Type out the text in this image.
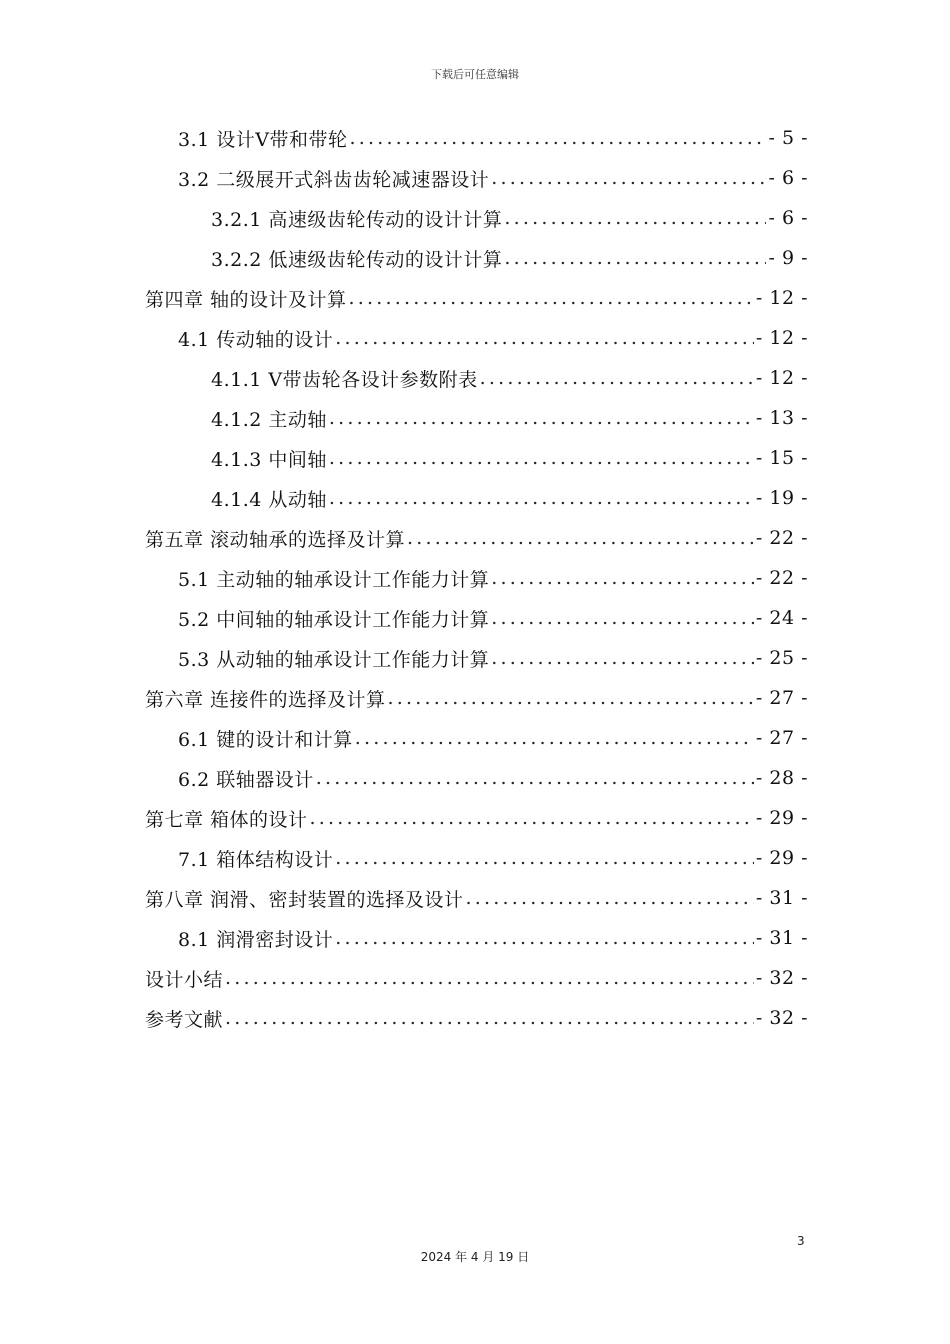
下载后可任意编辑
3.1 设计V带和带轮 .....	- 5 -
3.2 二级展开式斜齿齿轮减速器设计 .....	- 6 -
3.2.1 高速级齿轮传动的设计计算 .....	- 6 -
3.2.2 低速级齿轮传动的设计计算 .....	- 9 -
第四章 轴的设计及计算 .....	- 12 -
4.1 传动轴的设计 .....	- 12 -
4.1.1 V带齿轮各设计参数附表 .....	- 12 -
4.1.2 主动轴 .....	- 13 -
4.1.3 中间轴 .....	- 15 -
4.1.4 从动轴 .....	- 19 -
第五章 滚动轴承的选择及计算 .....	- 22 -
5.1 主动轴的轴承设计工作能力计算 .....	- 22 -
5.2 中间轴的轴承设计工作能力计算 .....	- 24 -
5.3 从动轴的轴承设计工作能力计算 .....	- 25 -
第六章 连接件的选择及计算 .....	- 27 -
6.1 键的设计和计算 .....	- 27 -
6.2 联轴器设计 .....	- 28 -
第七章 箱体的设计 .....	- 29 -
7.1 箱体结构设计 .....	- 29 -
第八章 润滑、密封装置的选择及设计 .....	- 31 -
8.1 润滑密封设计 .....	- 31 -
设计小结 .....	- 32 -
参考文献 .....	- 32 -
3
2024 年 4 月 19 日
